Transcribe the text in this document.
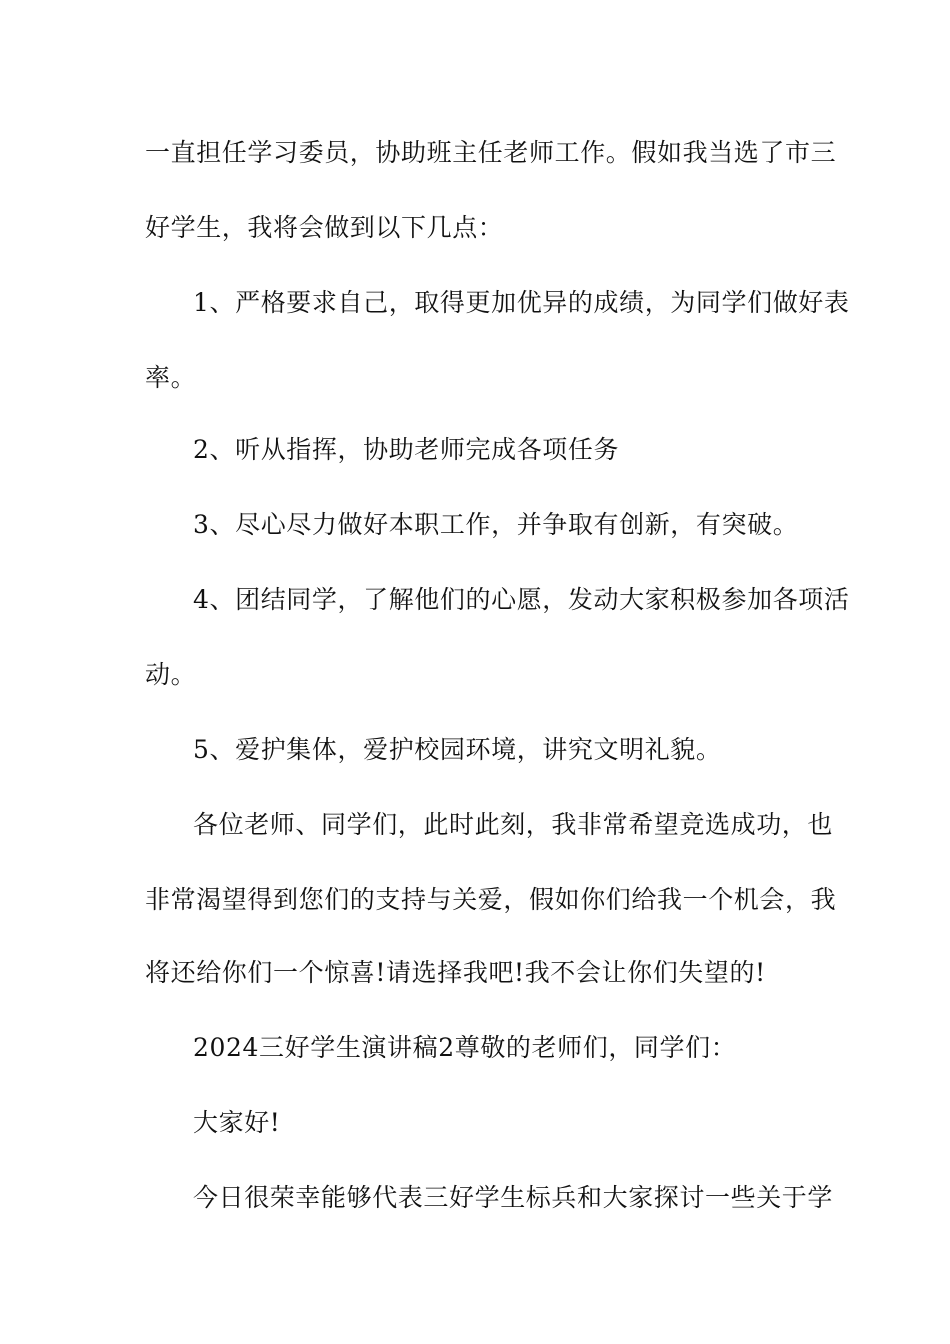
一直担任学习委员，协助班主任老师工作。假如我当选了市三
好学生，我将会做到以下几点：
1、严格要求自己，取得更加优异的成绩，为同学们做好表
率。
2、听从指挥，协助老师完成各项任务
3、尽心尽力做好本职工作，并争取有创新，有突破。
4、团结同学，了解他们的心愿，发动大家积极参加各项活
动。
5、爱护集体，爱护校园环境，讲究文明礼貌。
各位老师、同学们，此时此刻，我非常希望竞选成功，也
非常渴望得到您们的支持与关爱，假如你们给我一个机会，我
将还给你们一个惊喜!请选择我吧!我不会让你们失望的!
2024三好学生演讲稿2尊敬的老师们，同学们：
大家好!
今日很荣幸能够代表三好学生标兵和大家探讨一些关于学
